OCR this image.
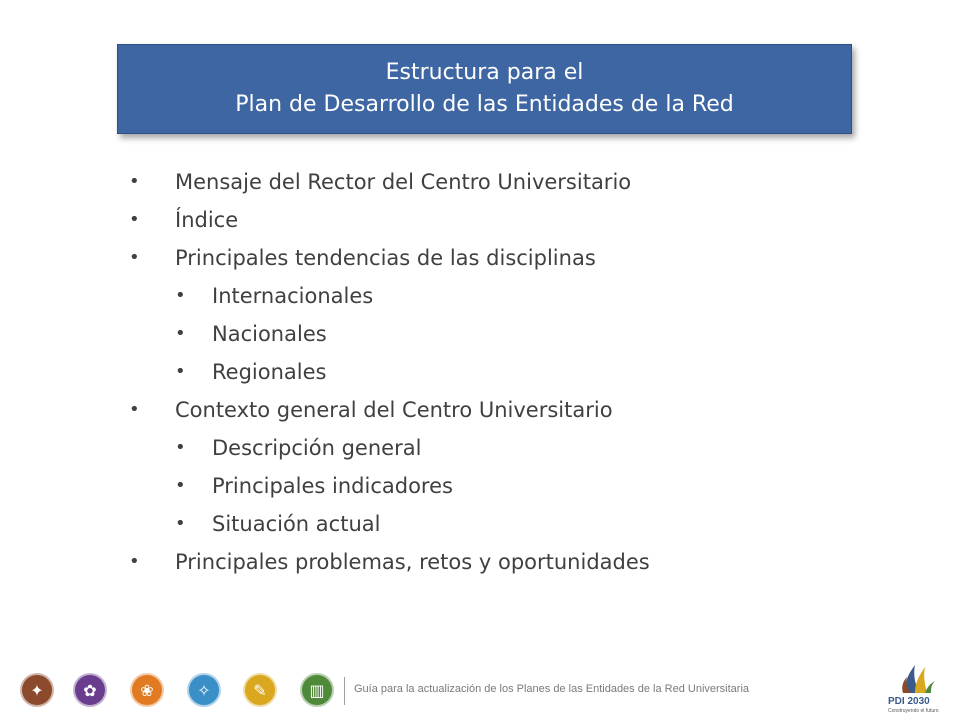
Estructura para el
Plan de Desarrollo de las Entidades de la Red
• Mensaje del Rector del Centro Universitario
• Índice
• Principales tendencias de las disciplinas
• Internacionales
• Nacionales
• Regionales
• Contexto general del Centro Universitario
• Descripción general
• Principales indicadores
• Situación actual
• Principales problemas, retos y oportunidades
✦	✿	❀	✧	✎	▥	Guía para la actualización de los Planes de las Entidades de la Red Universitaria
PDI 2030
Construyendo el futuro
